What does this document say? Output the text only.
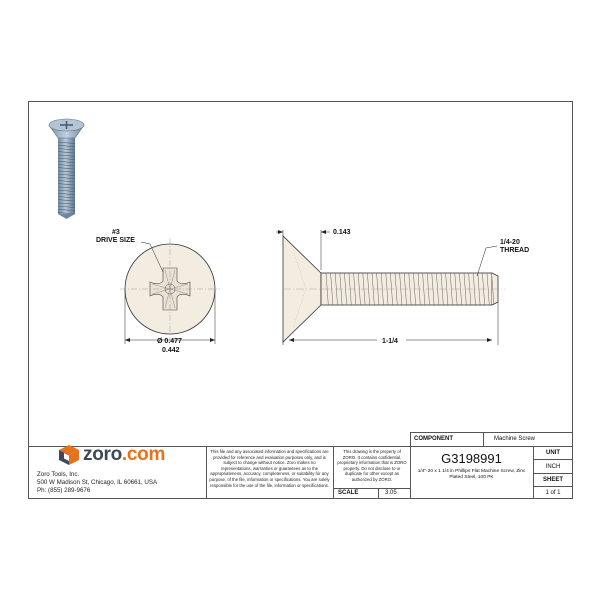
#3
DRIVE SIZE
0.143
1/4-20
THREAD
Ø 0.477
0.442
1-1/4
zoro .com
Zoro Tools, Inc.
500 W Madison St, Chicago, IL 60661, USA
Ph: (855) 289-9676
This file and any associated information and specifications are provided for reference and evaluation purposes only, and is subject to change without notice. Zoro makes no representations, warranties or guarantees as to the appropriateness, accuracy, completeness, or suitability for any purpose, of the file, information or specifications. You are solely responsible for the use of the file, information or specifications.
This drawing is the property of ZORO. It contains confidential, proprietary information that is ZORO property. Do not disclose to or duplicate for other except as authorized by ZORO.
COMPONENT	Machine Screw
G3198991
1/4"-20 x 1 1/4 in Phillips Flat Machine Screw, Zinc Plated Steel, 100 PK
SCALE	3.05
UNIT
INCH
SHEET
1 of 1
